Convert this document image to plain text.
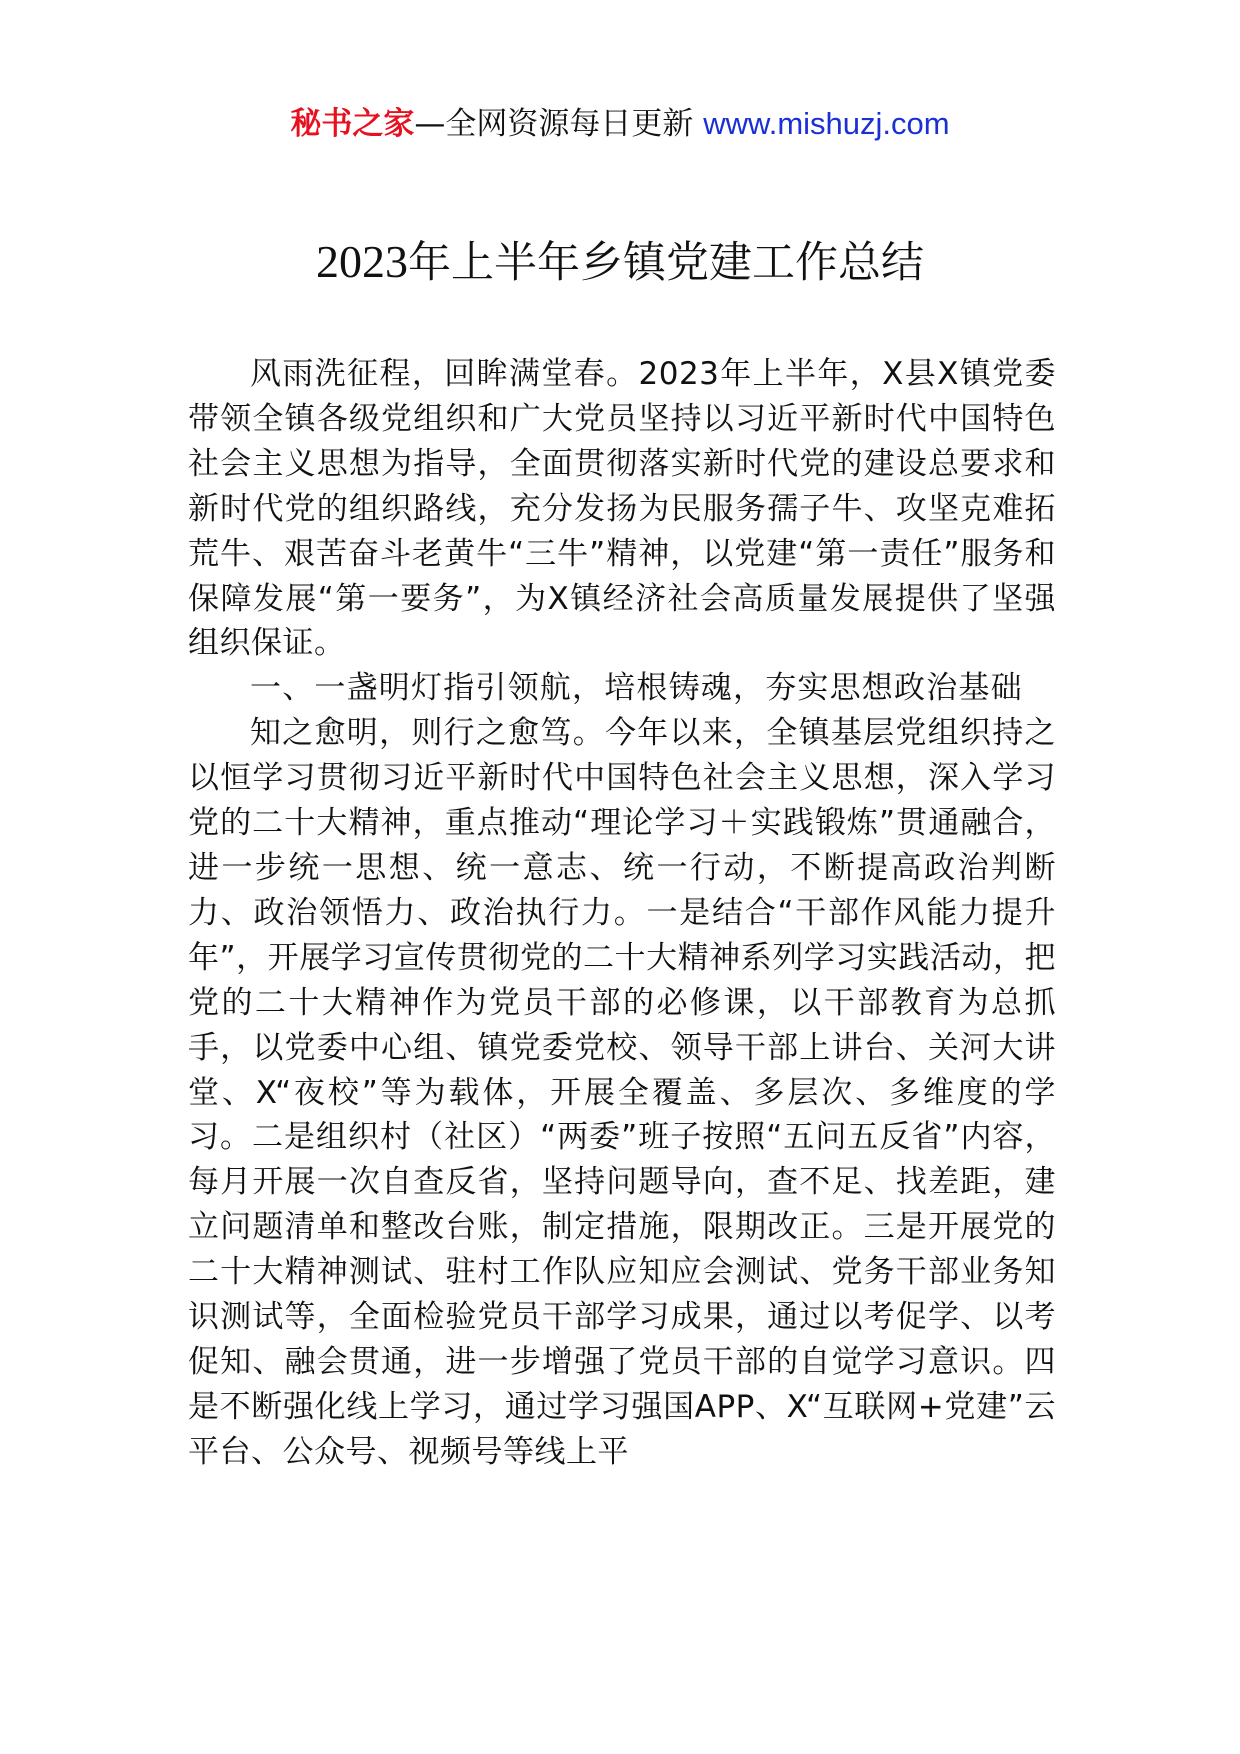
秘书之家—全网资源每日更新 www.mishuzj.com
2023年上半年乡镇党建工作总结

风雨洗征程，回眸满堂春。2023年上半年，X县X镇党委带领全镇各级党组织和广大党员坚持以习近平新时代中国特色社会主义思想为指导，全面贯彻落实新时代党的建设总要求和新时代党的组织路线，充分发扬为民服务孺子牛、攻坚克难拓荒牛、艰苦奋斗老黄牛“三牛”精神，以党建“第一责任”服务和保障发展“第一要务”，为X镇经济社会高质量发展提供了坚强组织保证。

一、一盏明灯指引领航，培根铸魂，夯实思想政治基础

知之愈明，则行之愈笃。今年以来，全镇基层党组织持之以恒学习贯彻习近平新时代中国特色社会主义思想，深入学习党的二十大精神，重点推动“理论学习＋实践锻炼”贯通融合，进一步统一思想、统一意志、统一行动，不断提高政治判断力、政治领悟力、政治执行力。一是结合“干部作风能力提升年”，开展学习宣传贯彻党的二十大精神系列学习实践活动，把党的二十大精神作为党员干部的必修课，以干部教育为总抓手，以党委中心组、镇党委党校、领导干部上讲台、关河大讲堂、X“夜校”等为载体，开展全覆盖、多层次、多维度的学习。二是组织村（社区）“两委”班子按照“五问五反省”内容，每月开展一次自查反省，坚持问题导向，查不足、找差距，建立问题清单和整改台账，制定措施，限期改正。三是开展党的二十大精神测试、驻村工作队应知应会测试、党务干部业务知识测试等，全面检验党员干部学习成果，通过以考促学、以考促知、融会贯通，进一步增强了党员干部的自觉学习意识。四是不断强化线上学习，通过学习强国APP、X“互联网+党建”云平台、公众号、视频号等线上平
